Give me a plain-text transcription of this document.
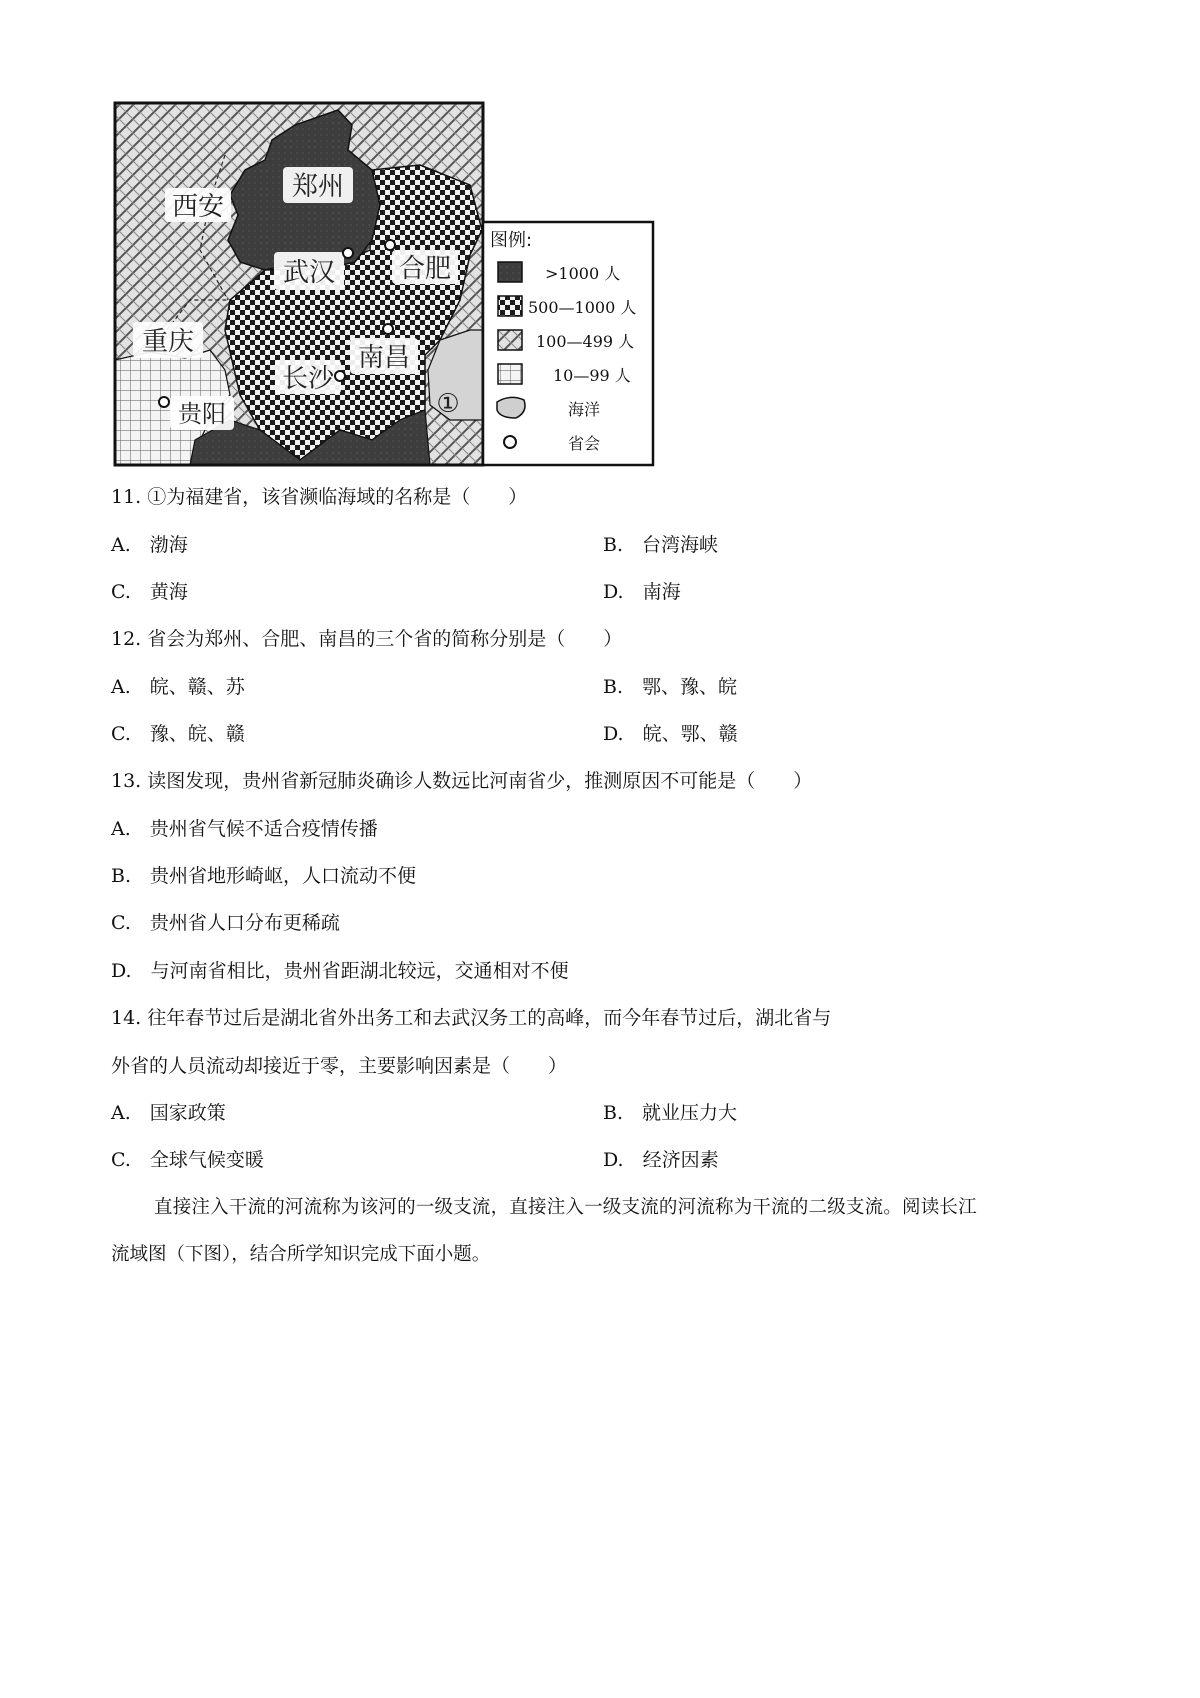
西安
郑州
武汉 合肥
重庆
南昌
长沙
贵阳	①
图例:
>1000 人
500—1000 人
100—499 人
10—99 人
海洋
省会
11. ①为福建省，该省濒临海域的名称是（　　）
A.　渤海	B.　台湾海峡
C.　黄海	D.　南海
12. 省会为郑州、合肥、南昌的三个省的简称分别是（　　）
A.　皖、赣、苏	B.　鄂、豫、皖
C.　豫、皖、赣	D.　皖、鄂、赣
13. 读图发现，贵州省新冠肺炎确诊人数远比河南省少，推测原因不可能是（　　）
A.　贵州省气候不适合疫情传播
B.　贵州省地形崎岖，人口流动不便
C.　贵州省人口分布更稀疏
D.　与河南省相比，贵州省距湖北较远，交通相对不便
14. 往年春节过后是湖北省外出务工和去武汉务工的高峰，而今年春节过后，湖北省与
外省的人员流动却接近于零，主要影响因素是（　　）
A.　国家政策	B.　就业压力大
C.　全球气候变暖	D.　经济因素
直接注入干流的河流称为该河的一级支流，直接注入一级支流的河流称为干流的二级支流。阅读长江
流域图（下图），结合所学知识完成下面小题。
